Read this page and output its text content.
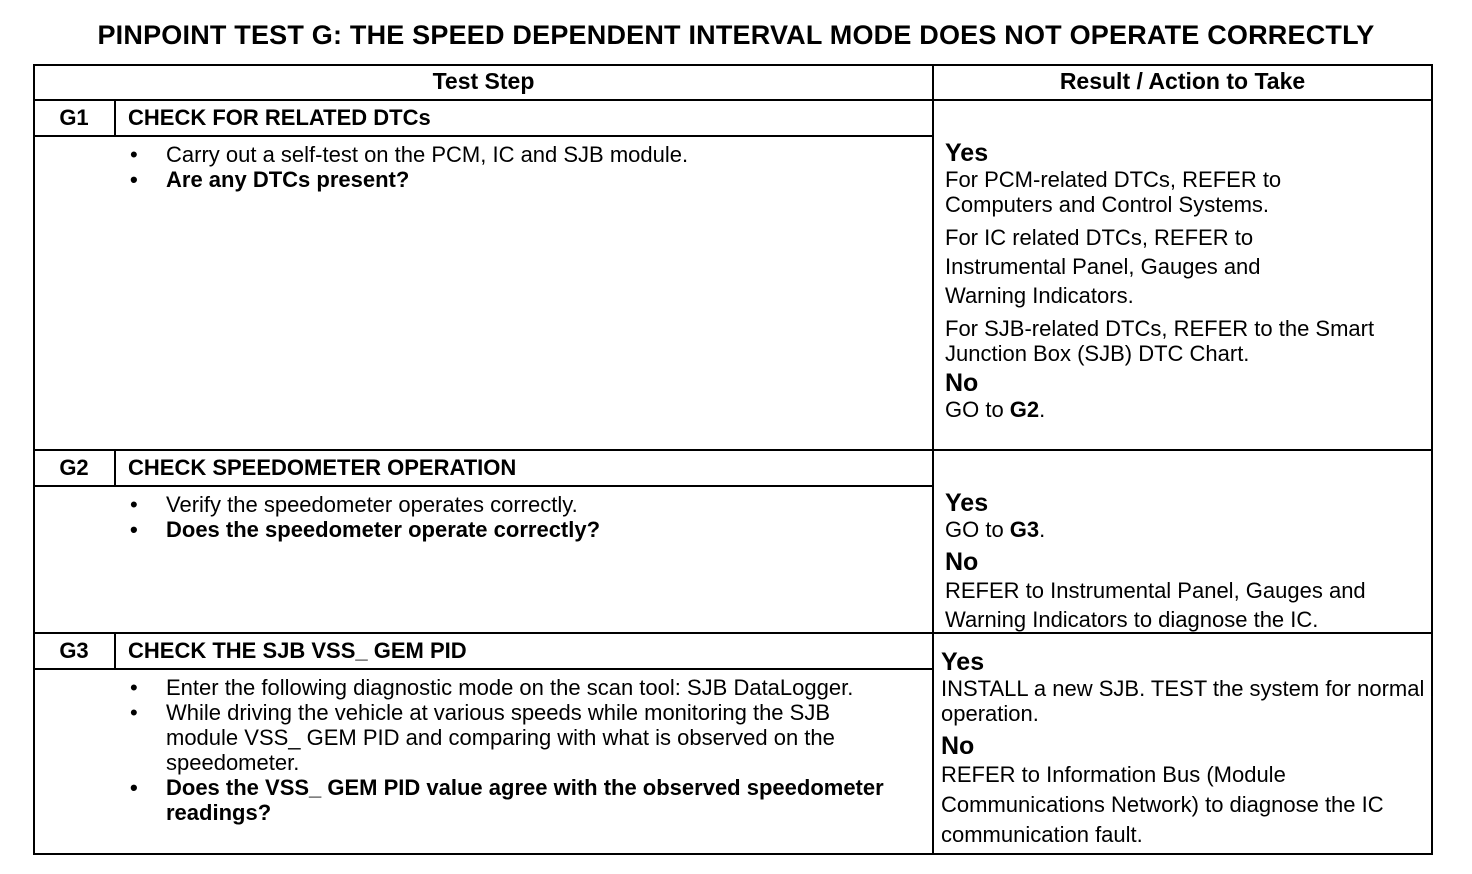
PINPOINT TEST G: THE SPEED DEPENDENT INTERVAL MODE DOES NOT OPERATE CORRECTLY
Test Step	Result / Action to Take
G1	CHECK FOR RELATED DTCs
• Carry out a self-test on the PCM, IC and SJB module.
• Are any DTCs present?
Yes
For PCM-related DTCs, REFER to Computers and Control Systems.
For IC related DTCs, REFER to Instrumental Panel, Gauges and Warning Indicators.
For SJB-related DTCs, REFER to the Smart Junction Box (SJB) DTC Chart.
No
GO to G2.
G2	CHECK SPEEDOMETER OPERATION
• Verify the speedometer operates correctly.
• Does the speedometer operate correctly?
Yes
GO to G3.
No
REFER to Instrumental Panel, Gauges and Warning Indicators to diagnose the IC.
G3	CHECK THE SJB VSS_ GEM PID
• Enter the following diagnostic mode on the scan tool: SJB DataLogger.
• While driving the vehicle at various speeds while monitoring the SJB module VSS_ GEM PID and comparing with what is observed on the speedometer.
• Does the VSS_ GEM PID value agree with the observed speedometer readings?
Yes
INSTALL a new SJB. TEST the system for normal operation.
No
REFER to Information Bus (Module Communications Network) to diagnose the IC communication fault.
